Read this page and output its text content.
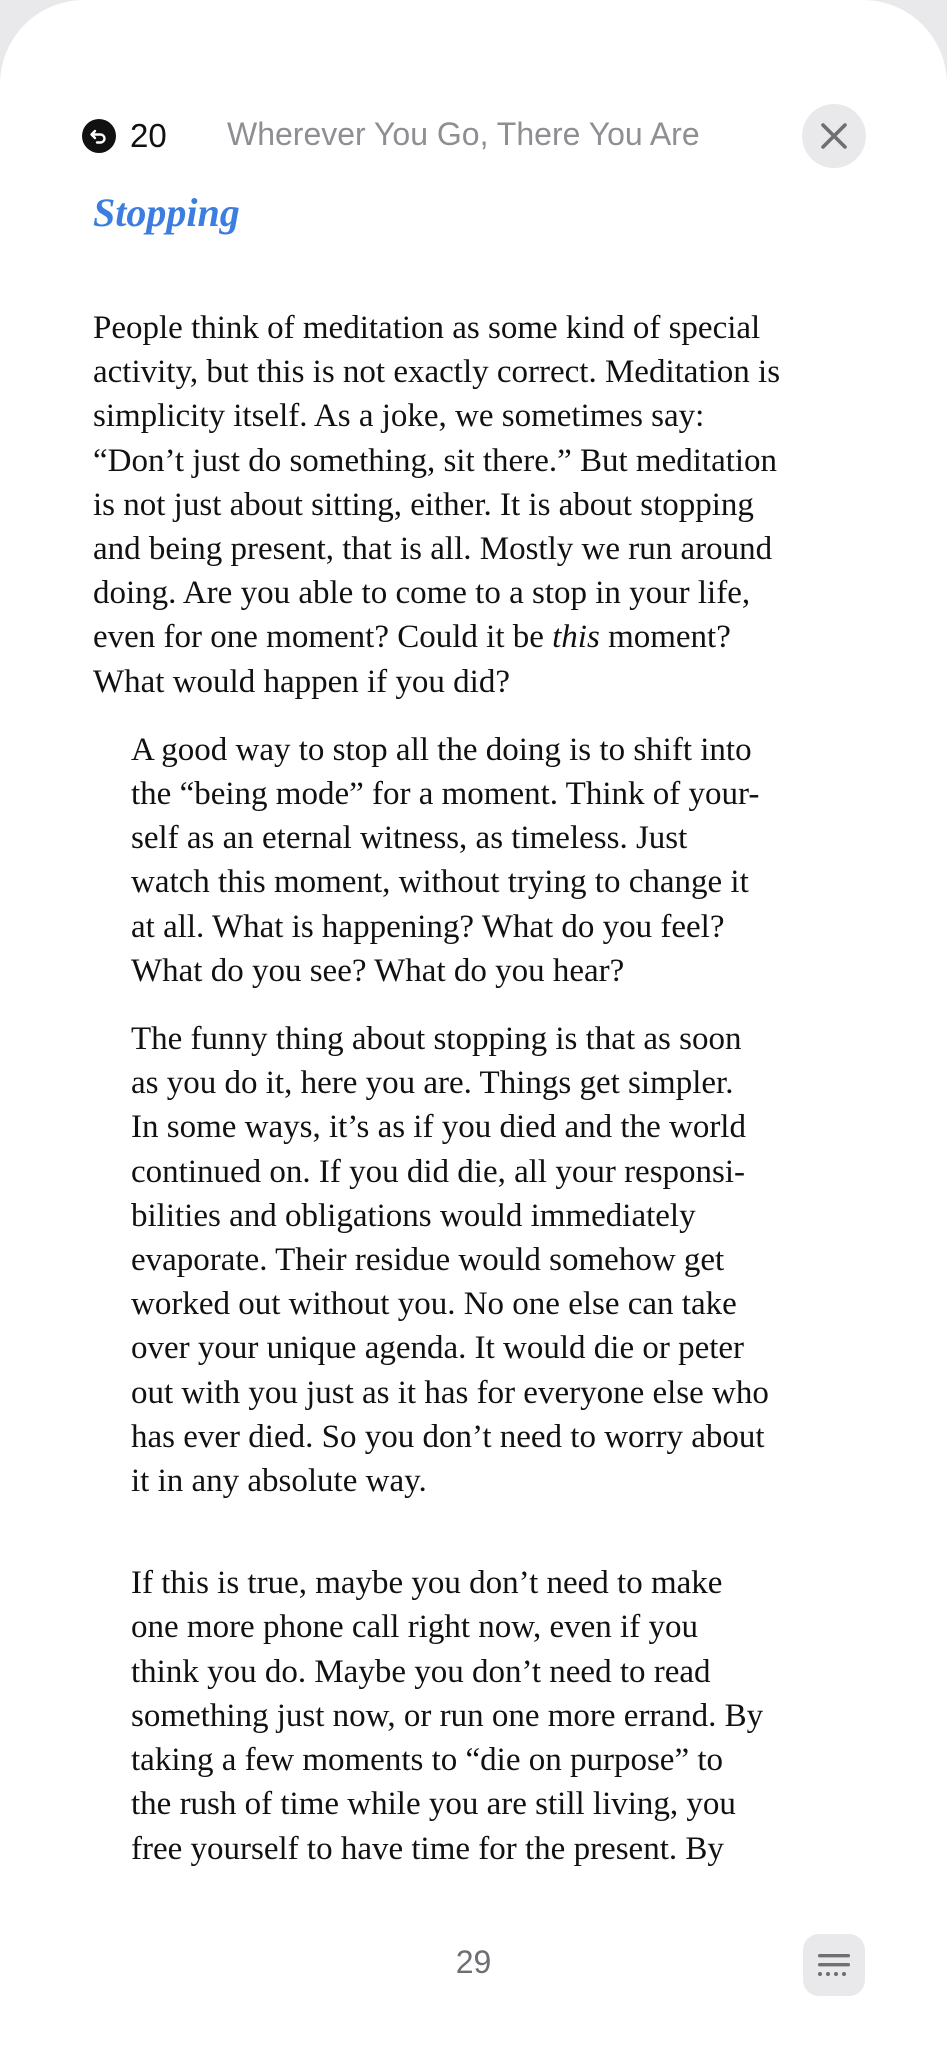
20 Wherever You Go, There You Are
Stopping

People think of meditation as some kind of special
activity, but this is not exactly correct. Meditation is
simplicity itself. As a joke, we sometimes say:
“Don’t just do something, sit there.” But meditation
is not just about sitting, either. It is about stopping
and being present, that is all. Mostly we run around
doing. Are you able to come to a stop in your life,
even for one moment? Could it be this moment?
What would happen if you did?

A good way to stop all the doing is to shift into
the “being mode” for a moment. Think of your-
self as an eternal witness, as timeless. Just
watch this moment, without trying to change it
at all. What is happening? What do you feel?
What do you see? What do you hear?

The funny thing about stopping is that as soon
as you do it, here you are. Things get simpler.
In some ways, it’s as if you died and the world
continued on. If you did die, all your responsi-
bilities and obligations would immediately
evaporate. Their residue would somehow get
worked out without you. No one else can take
over your unique agenda. It would die or peter
out with you just as it has for everyone else who
has ever died. So you don’t need to worry about
it in any absolute way.

If this is true, maybe you don’t need to make
one more phone call right now, even if you
think you do. Maybe you don’t need to read
something just now, or run one more errand. By
taking a few moments to “die on purpose” to
the rush of time while you are still living, you
free yourself to have time for the present. By

29
